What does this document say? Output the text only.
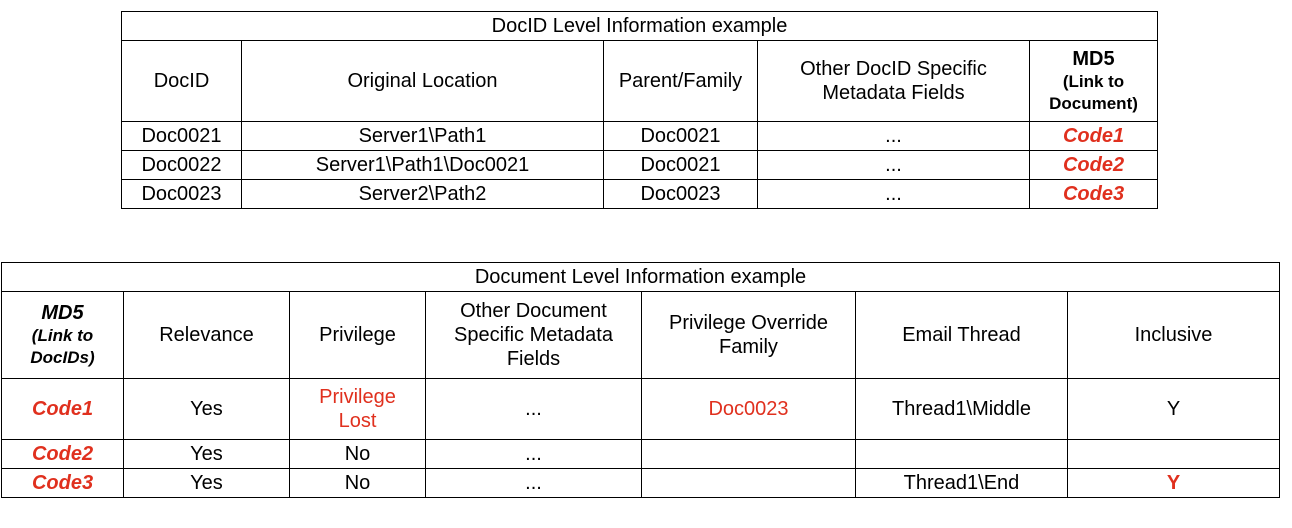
DocID Level Information example				
DocID	Original Location	Parent/Family	Other DocID Specific Metadata Fields	MD5
(Link to Document)

Doc0021	Server1\Path1	Doc0021	...	Code1
Doc0022	Server1\Path1\Doc0021	Doc0021	...	Code2
Doc0023	Server2\Path2	Doc0023	...	Code3
Document Level Information example						

MD5
(Link to DocIDs)	Relevance	Privilege	Other Document Specific Metadata Fields	Privilege Override Family	Email Thread	Inclusive
Code1	Yes	Privilege Lost	...	Doc0023	Thread1\Middle	Y
Code2	Yes	No	...			
Code3	Yes	No	...		Thread1\End	Y
